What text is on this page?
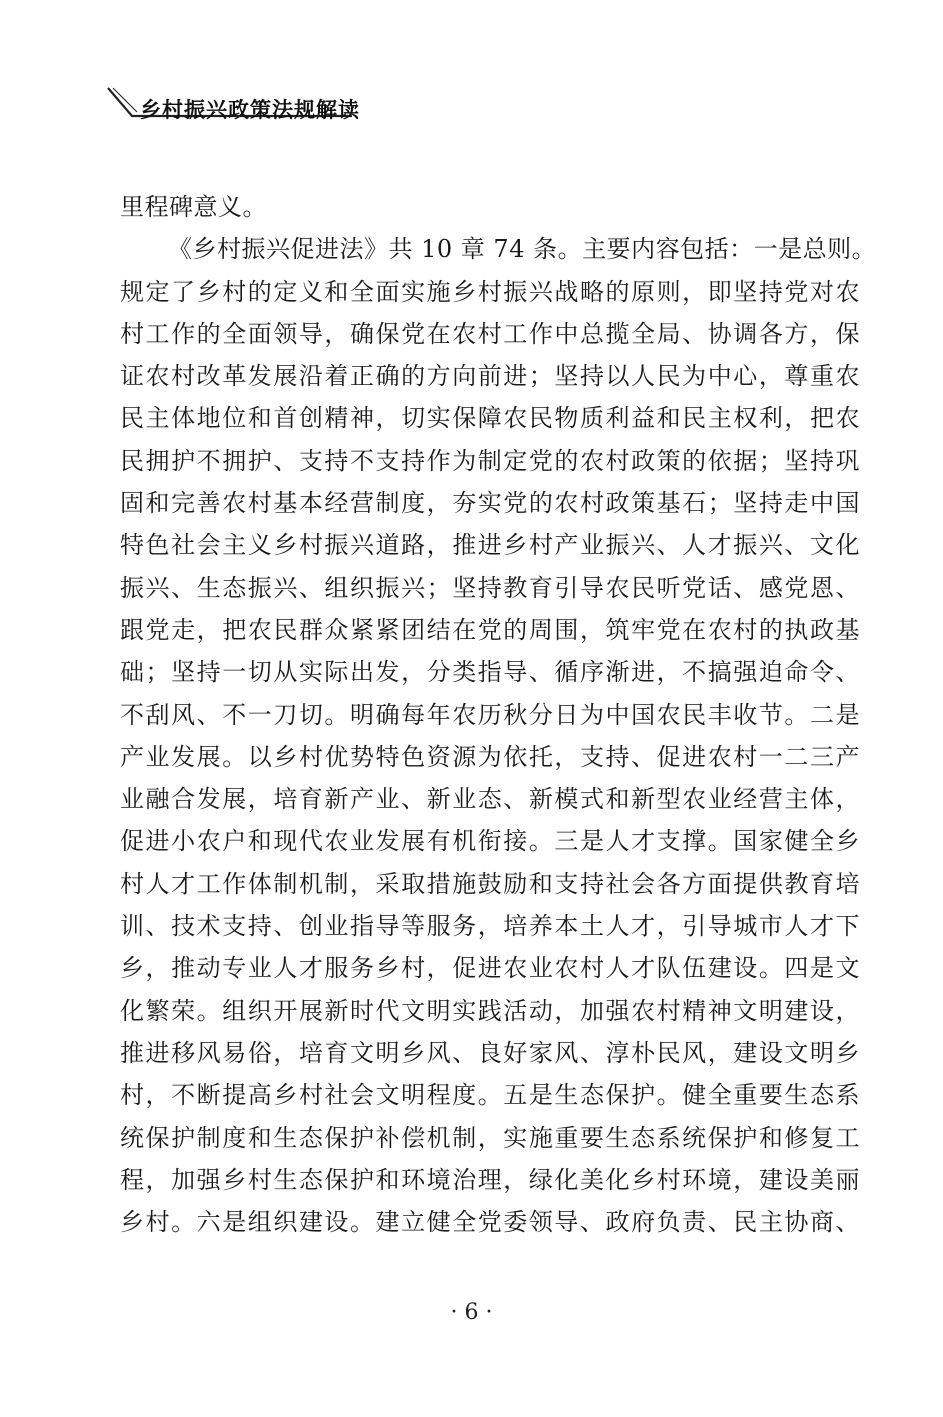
乡村振兴政策法规解读
里程碑意义。
《乡村振兴促进法》共 10 章 74 条。主要内容包括：一是总则。
规定了乡村的定义和全面实施乡村振兴战略的原则，即坚持党对农
村工作的全面领导，确保党在农村工作中总揽全局、协调各方，保
证农村改革发展沿着正确的方向前进；坚持以人民为中心，尊重农
民主体地位和首创精神，切实保障农民物质利益和民主权利，把农
民拥护不拥护、支持不支持作为制定党的农村政策的依据；坚持巩
固和完善农村基本经营制度，夯实党的农村政策基石；坚持走中国
特色社会主义乡村振兴道路，推进乡村产业振兴、人才振兴、文化
振兴、生态振兴、组织振兴；坚持教育引导农民听党话、感党恩、
跟党走，把农民群众紧紧团结在党的周围，筑牢党在农村的执政基
础；坚持一切从实际出发，分类指导、循序渐进，不搞强迫命令、
不刮风、不一刀切。明确每年农历秋分日为中国农民丰收节。二是
产业发展。以乡村优势特色资源为依托，支持、促进农村一二三产
业融合发展，培育新产业、新业态、新模式和新型农业经营主体，
促进小农户和现代农业发展有机衔接。三是人才支撑。国家健全乡
村人才工作体制机制，采取措施鼓励和支持社会各方面提供教育培
训、技术支持、创业指导等服务，培养本土人才，引导城市人才下
乡，推动专业人才服务乡村，促进农业农村人才队伍建设。四是文
化繁荣。组织开展新时代文明实践活动，加强农村精神文明建设，
推进移风易俗，培育文明乡风、良好家风、淳朴民风，建设文明乡
村，不断提高乡村社会文明程度。五是生态保护。健全重要生态系
统保护制度和生态保护补偿机制，实施重要生态系统保护和修复工
程，加强乡村生态保护和环境治理，绿化美化乡村环境，建设美丽
乡村。六是组织建设。建立健全党委领导、政府负责、民主协商、
· 6 ·
